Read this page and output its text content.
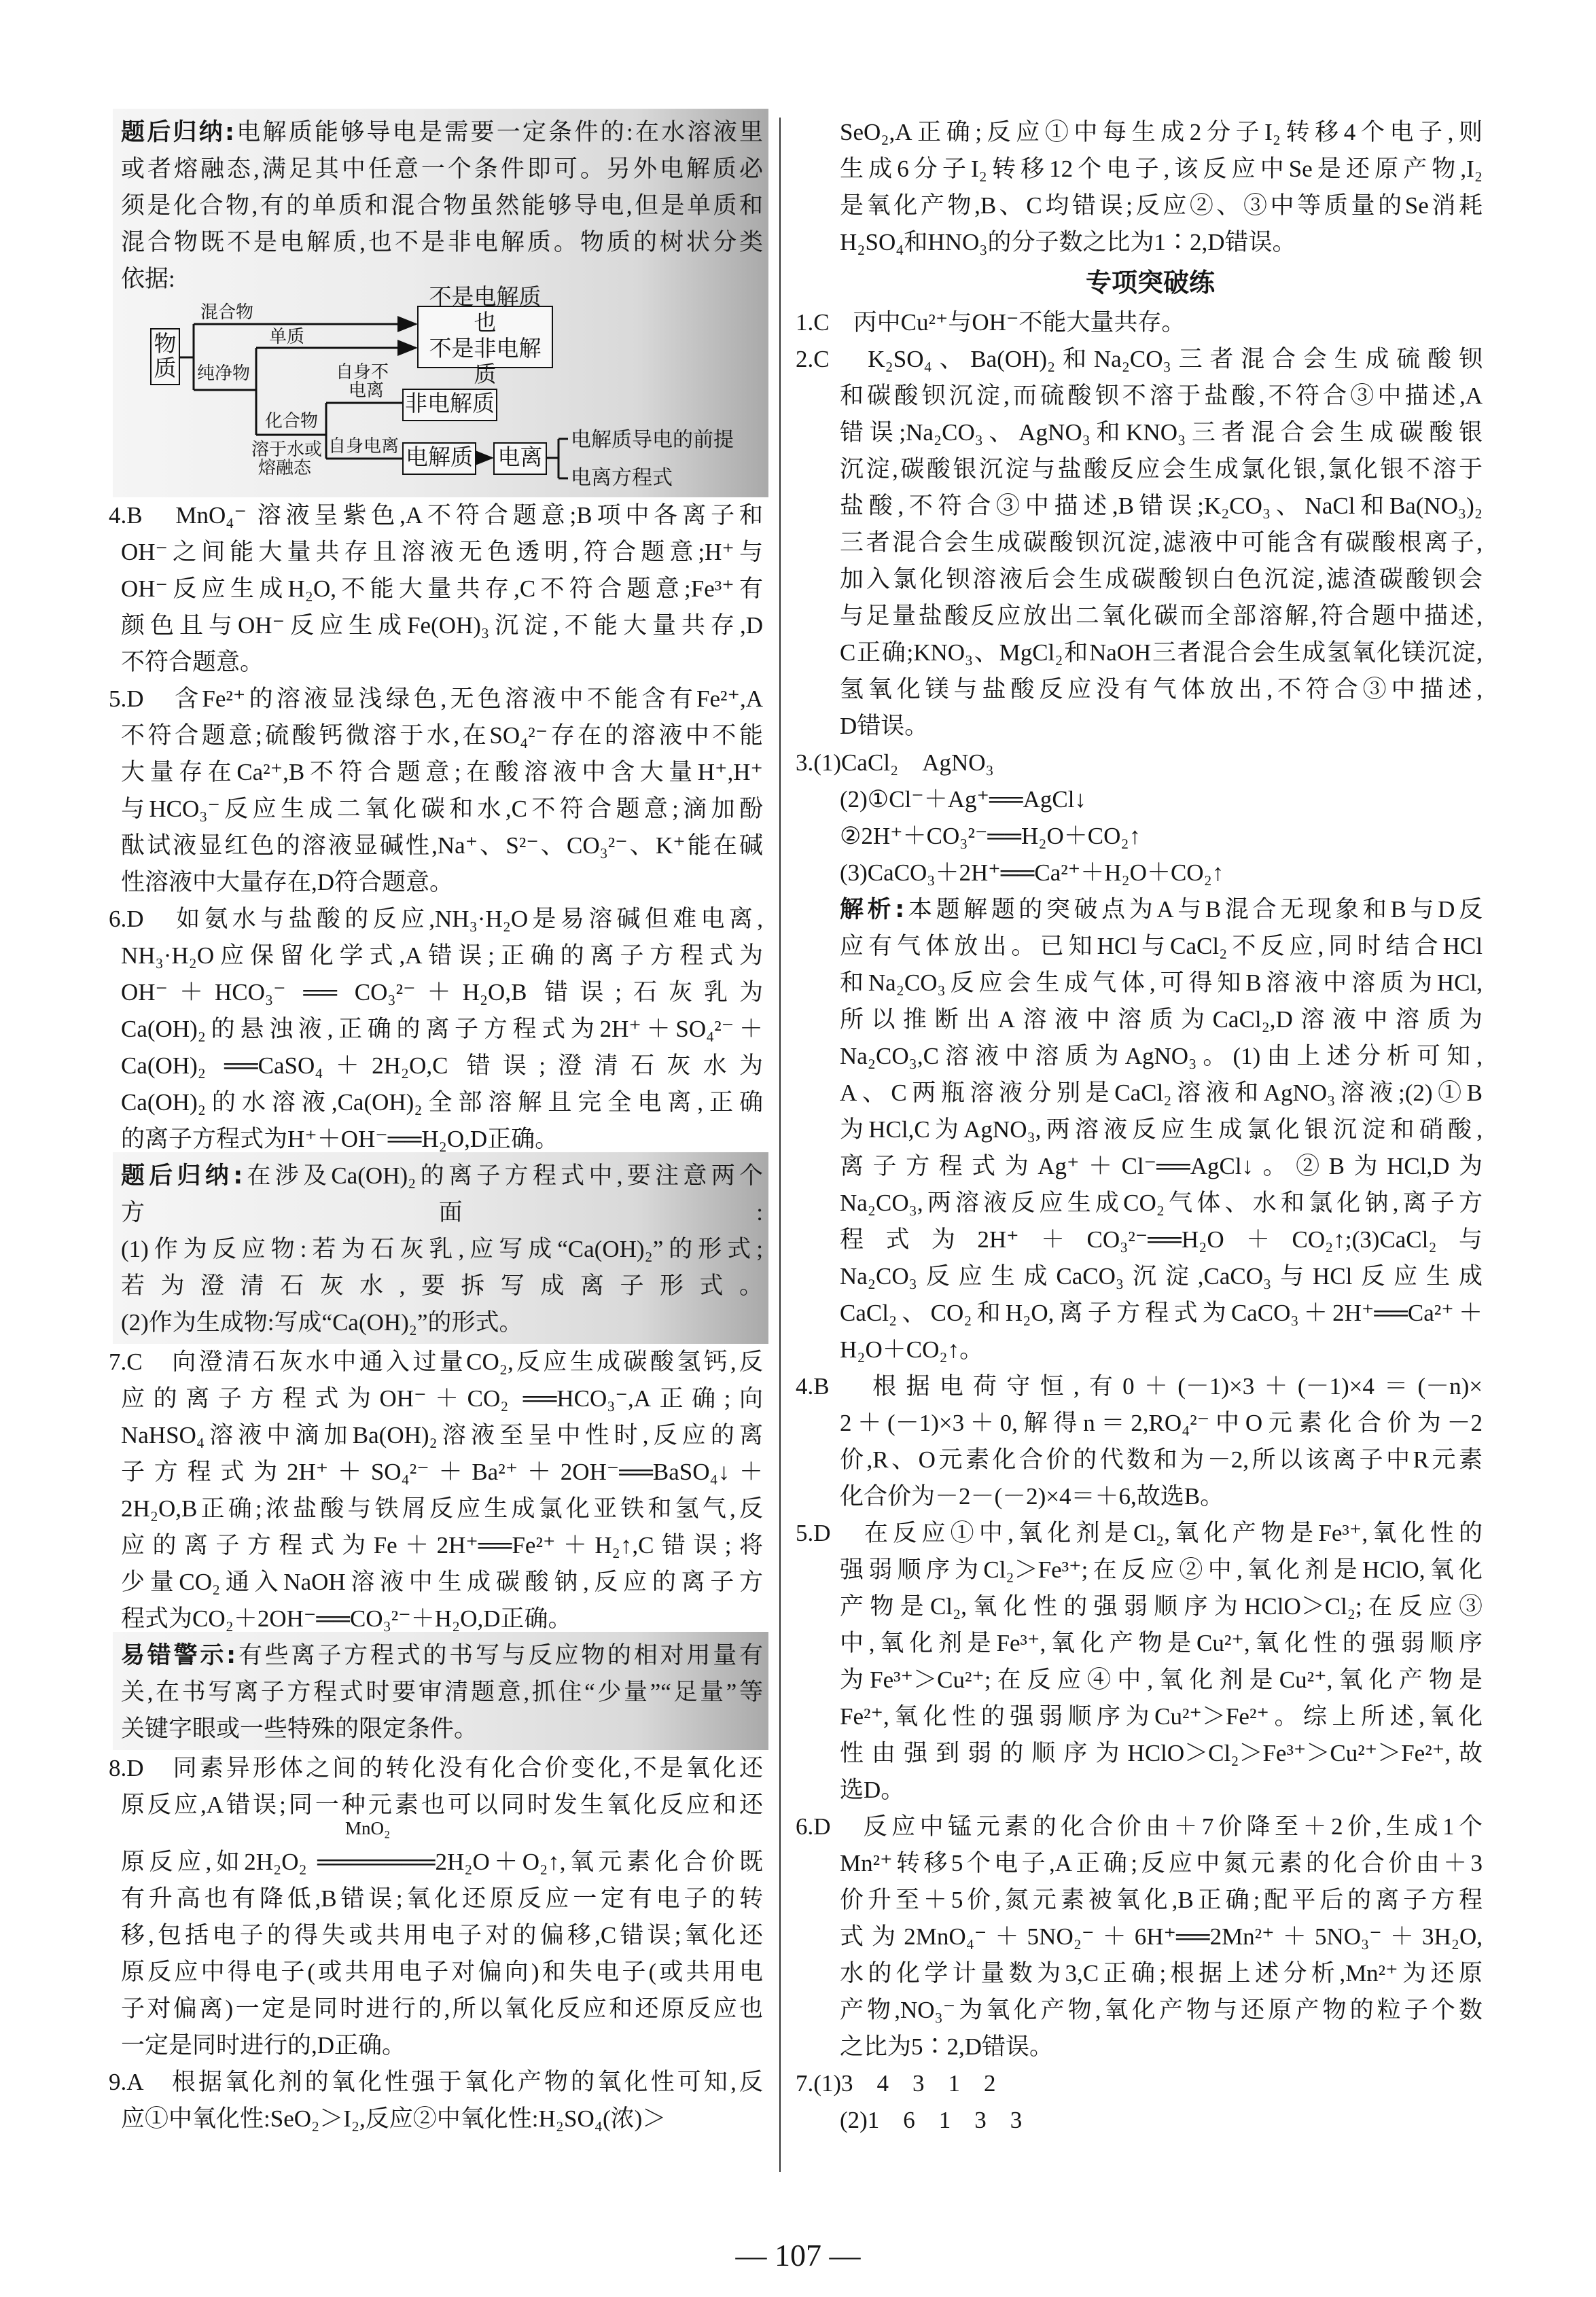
题后归纳:电解质能够导电是需要一定条件的:在水溶液里
或者熔融态,满足其中任意一个条件即可。另外电解质必
须是化合物,有的单质和混合物虽然能够导电,但是单质和
混合物既不是电解质,也不是非电解质。物质的树状分类
依据:
物质
混合物
纯净物
单质
化合物
不是电解质也
不是非电解质
自身不
电离
非电解质
溶于水或
熔融态
自身电离 电解质 电离
电解质导电的前提
电离方程式
4.B　MnO₄⁻ 溶液呈紫色,A不符合题意;B项中各离子和
OH⁻之间能大量共存且溶液无色透明,符合题意;H⁺与
OH⁻反应生成H₂O,不能大量共存,C不符合题意;Fe³⁺有
颜色且与OH⁻反应生成Fe(OH)₃沉淀,不能大量共存,D
不符合题意。
5.D　含Fe²⁺的溶液显浅绿色,无色溶液中不能含有Fe²⁺,A
不符合题意;硫酸钙微溶于水,在SO₄²⁻存在的溶液中不能
大量存在Ca²⁺,B不符合题意;在酸溶液中含大量H⁺,H⁺
与HCO₃⁻反应生成二氧化碳和水,C不符合题意;滴加酚
酞试液显红色的溶液显碱性,Na⁺、S²⁻、CO₃²⁻、K⁺能在碱
性溶液中大量存在,D符合题意。
6.D　如氨水与盐酸的反应,NH₃·H₂O是易溶碱但难电离,
NH₃·H₂O应保留化学式,A错误;正确的离子方程式为
OH⁻＋HCO₃⁻ ══ CO₃²⁻＋H₂O,B 错误;石灰乳为
Ca(OH)₂的悬浊液,正确的离子方程式为2H⁺＋SO₄²⁻＋
Ca(OH)₂ ══CaSO₄＋2H₂O,C 错误;澄清石灰水为
Ca(OH)₂的水溶液,Ca(OH)₂全部溶解且完全电离,正确
的离子方程式为H⁺＋OH⁻══H₂O,D正确。
题后归纳:在涉及Ca(OH)₂的离子方程式中,要注意两个
方面:
(1)作为反应物:若为石灰乳,应写成“Ca(OH)₂”的形式;
若为澄清石灰水,要拆写成离子形式。
(2)作为生成物:写成“Ca(OH)₂”的形式。
7.C　向澄清石灰水中通入过量CO₂,反应生成碳酸氢钙,反
应的离子方程式为OH⁻＋CO₂ ══HCO₃⁻,A正确;向
NaHSO₄溶液中滴加Ba(OH)₂溶液至呈中性时,反应的离
子方程式为2H⁺＋SO₄²⁻＋Ba²⁺＋2OH⁻══BaSO₄↓＋
2H₂O,B正确;浓盐酸与铁屑反应生成氯化亚铁和氢气,反
应的离子方程式为Fe＋2H⁺══Fe²⁺＋H₂↑,C错误;将
少量CO₂通入NaOH溶液中生成碳酸钠,反应的离子方
程式为CO₂＋2OH⁻══CO₃²⁻＋H₂O,D正确。
易错警示:有些离子方程式的书写与反应物的相对用量有
关,在书写离子方程式时要审清题意,抓住“少量”“足量”等
关键字眼或一些特殊的限定条件。
8.D　同素异形体之间的转化没有化合价变化,不是氧化还
原反应,A错误;同一种元素也可以同时发生氧化反应和还
原反应,如2H₂O₂ ═══════2H₂O＋O₂↑,氧元素化合价既
有升高也有降低,B错误;氧化还原反应一定有电子的转
移,包括电子的得失或共用电子对的偏移,C错误;氧化还
原反应中得电子(或共用电子对偏向)和失电子(或共用电
子对偏离)一定是同时进行的,所以氧化反应和还原反应也
一定是同时进行的,D正确。
MnO₂
9.A　根据氧化剂的氧化性强于氧化产物的氧化性可知,反
应①中氧化性:SeO₂＞I₂,反应②中氧化性:H₂SO₄(浓)＞
SeO₂,A正确;反应①中每生成2分子I₂转移4个电子,则
生成6分子I₂转移12个电子,该反应中Se是还原产物,I₂
是氧化产物,B、C均错误;反应②、③中等质量的Se消耗
H₂SO₄和HNO₃的分子数之比为1∶2,D错误。
专项突破练
1.C　丙中Cu²⁺与OH⁻不能大量共存。
2.C　K₂SO₄、Ba(OH)₂和Na₂CO₃三者混合会生成硫酸钡
和碳酸钡沉淀,而硫酸钡不溶于盐酸,不符合③中描述,A
错误;Na₂CO₃、AgNO₃和KNO₃三者混合会生成碳酸银
沉淀,碳酸银沉淀与盐酸反应会生成氯化银,氯化银不溶于
盐酸,不符合③中描述,B错误;K₂CO₃、NaCl和Ba(NO₃)₂
三者混合会生成碳酸钡沉淀,滤液中可能含有碳酸根离子,
加入氯化钡溶液后会生成碳酸钡白色沉淀,滤渣碳酸钡会
与足量盐酸反应放出二氧化碳而全部溶解,符合题中描述,
C正确;KNO₃、MgCl₂和NaOH三者混合会生成氢氧化镁沉淀,
氢氧化镁与盐酸反应没有气体放出,不符合③中描述,
D错误。
3.(1)CaCl₂　AgNO₃
(2)①Cl⁻＋Ag⁺══AgCl↓
②2H⁺＋CO₃²⁻══H₂O＋CO₂↑
(3)CaCO₃＋2H⁺══Ca²⁺＋H₂O＋CO₂↑
解析:本题解题的突破点为A与B混合无现象和B与D反
应有气体放出。已知HCl与CaCl₂不反应,同时结合HCl
和Na₂CO₃反应会生成气体,可得知B溶液中溶质为HCl,
所以推断出A溶液中溶质为CaCl₂,D溶液中溶质为
Na₂CO₃,C溶液中溶质为AgNO₃。(1)由上述分析可知,
A、C两瓶溶液分别是CaCl₂溶液和AgNO₃溶液;(2)①B
为HCl,C为AgNO₃,两溶液反应生成氯化银沉淀和硝酸,
离子方程式为Ag⁺＋Cl⁻══AgCl↓。②B为HCl,D为
Na₂CO₃,两溶液反应生成CO₂气体、水和氯化钠,离子方
程式为2H⁺＋CO₃²⁻══H₂O＋CO₂↑;(3)CaCl₂与
Na₂CO₃反应生成CaCO₃沉淀,CaCO₃与HCl反应生成
CaCl₂、CO₂和H₂O,离子方程式为CaCO₃＋2H⁺══Ca²⁺＋
H₂O＋CO₂↑。
4.B　根据电荷守恒,有0＋(－1)×3＋(－1)×4＝(－n)×
2＋(－1)×3＋0,解得n＝2,RO₄²⁻中O元素化合价为－2
价,R、O元素化合价的代数和为－2,所以该离子中R元素
化合价为－2－(－2)×4＝＋6,故选B。
5.D　在反应①中,氧化剂是Cl₂,氧化产物是Fe³⁺,氧化性的
强弱顺序为Cl₂＞Fe³⁺;在反应②中,氧化剂是HClO,氧化
产物是Cl₂,氧化性的强弱顺序为HClO＞Cl₂;在反应③
中,氧化剂是Fe³⁺,氧化产物是Cu²⁺,氧化性的强弱顺序
为Fe³⁺＞Cu²⁺;在反应④中,氧化剂是Cu²⁺,氧化产物是
Fe²⁺,氧化性的强弱顺序为Cu²⁺＞Fe²⁺。综上所述,氧化
性由强到弱的顺序为HClO＞Cl₂＞Fe³⁺＞Cu²⁺＞Fe²⁺,故
选D。
6.D　反应中锰元素的化合价由＋7价降至＋2价,生成1个
Mn²⁺转移5个电子,A正确;反应中氮元素的化合价由＋3
价升至＋5价,氮元素被氧化,B正确;配平后的离子方程
式为2MnO₄⁻＋5NO₂⁻＋6H⁺══2Mn²⁺＋5NO₃⁻＋3H₂O,
水的化学计量数为3,C正确;根据上述分析,Mn²⁺为还原
产物,NO₃⁻为氧化产物,氧化产物与还原产物的粒子个数
之比为5∶2,D错误。
7.(1)3　4　3　1　2
(2)1　6　1　3　3
— 107 —
